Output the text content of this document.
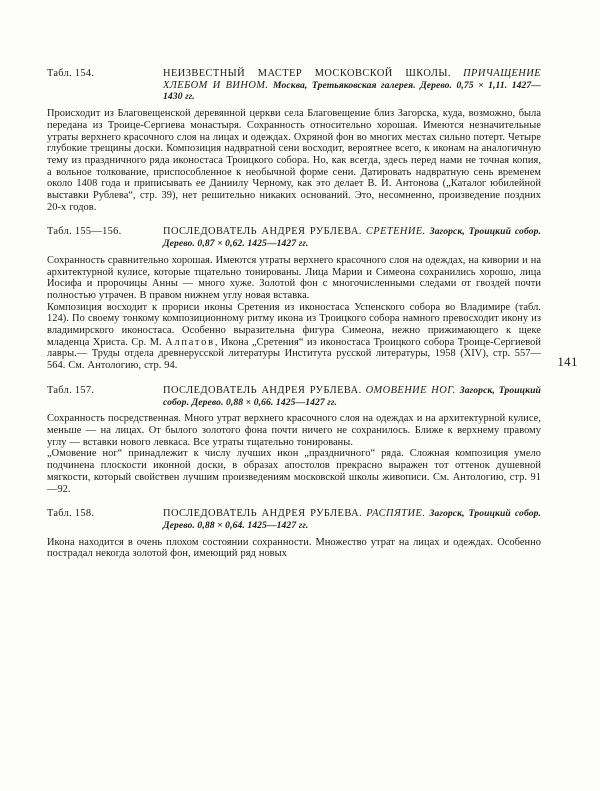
Табл. 154.	НЕИЗВЕСТНЫЙ МАСТЕР МОСКОВСКОЙ ШКОЛЫ. ПРИЧАЩЕНИЕ ХЛЕБОМ И ВИНОМ. Москва, Третьяковская галерея. Дерево. 0,75 × 1,11. 1427—1430 гг.

Происходит из Благовещенской деревянной церкви села Благовещение близ Загорска, куда, возможно, была передана из Троице-Сергиева монастыря. Сохранность относительно хорошая. Имеются незначительные утраты верхнего красочного слоя на лицах и одеждах. Охряной фон во многих местах сильно потерт. Четыре глубокие трещины доски. Композиция надвратной сени восходит, вероятнее всего, к иконам на аналогичную тему из праздничного ряда иконостаса Троицкого собора. Но, как всегда, здесь перед нами не точная копия, а вольное толкование, приспособленное к необычной форме сени. Датировать надвратную сень временем около 1408 года и приписывать ее Даниилу Черному, как это делает В. И. Антонова („Каталог юбилейной выставки Рублева“, стр. 39), нет решительно никаких оснований. Это, несомненно, произведение поздних 20-х годов.

Табл. 155—156.	ПОСЛЕДОВАТЕЛЬ АНДРЕЯ РУБЛЕВА. СРЕТЕНИЕ. Загорск, Троицкий собор. Дерево. 0,87 × 0,62. 1425—1427 гг.

Сохранность сравнительно хорошая. Имеются утраты верхнего красочного слоя на одеждах, на кивории и на архитектурной кулисе, которые тщательно тонированы. Лица Марии и Симеона сохранились хорошо, лица Иосифа и пророчицы Анны — много хуже. Золотой фон с многочисленными следами от гвоздей почти полностью утрачен. В правом нижнем углу новая вставка.

Композиция восходит к прориси иконы Сретения из иконостаса Успенского собора во Владимире (табл. 124). По своему тонкому композиционному ритму икона из Троицкого собора намного превосходит икону из владимирского иконостаса. Особенно выразительна фигура Симеона, нежно прижимающего к щеке младенца Христа. Ср. М. Алпатов, Икона „Сретения“ из иконостаса Троицкого собора Троице-Сергиевой лавры.— Труды отдела древнерусской литературы Института русской литературы, 1958 (XIV), стр. 557—564. См. Антологию, стр. 94.

Табл. 157.	ПОСЛЕДОВАТЕЛЬ АНДРЕЯ РУБЛЕВА. ОМОВЕНИЕ НОГ. Загорск, Троицкий собор. Дерево. 0,88 × 0,66. 1425—1427 гг.

Сохранность посредственная. Много утрат верхнего красочного слоя на одеждах и на архитектурной кулисе, меньше — на лицах. От былого золотого фона почти ничего не сохранилось. Ближе к верхнему правому углу — вставки нового левкаса. Все утраты тщательно тонированы.

„Омовение ног“ принадлежит к числу лучших икон „праздничного“ ряда. Сложная композиция умело подчинена плоскости иконной доски, в образах апостолов прекрасно выражен тот оттенок душевной мягкости, который свойствен лучшим произведениям московской школы живописи. См. Антологию, стр. 91—92.

Табл. 158.	ПОСЛЕДОВАТЕЛЬ АНДРЕЯ РУБЛЕВА. РАСПЯТИЕ. Загорск, Троицкий собор. Дерево. 0,88 × 0,64. 1425—1427 гг.

Икона находится в очень плохом состоянии сохранности. Множество утрат на лицах и одеждах. Особенно пострадал некогда золотой фон, имеющий ряд новых

141
